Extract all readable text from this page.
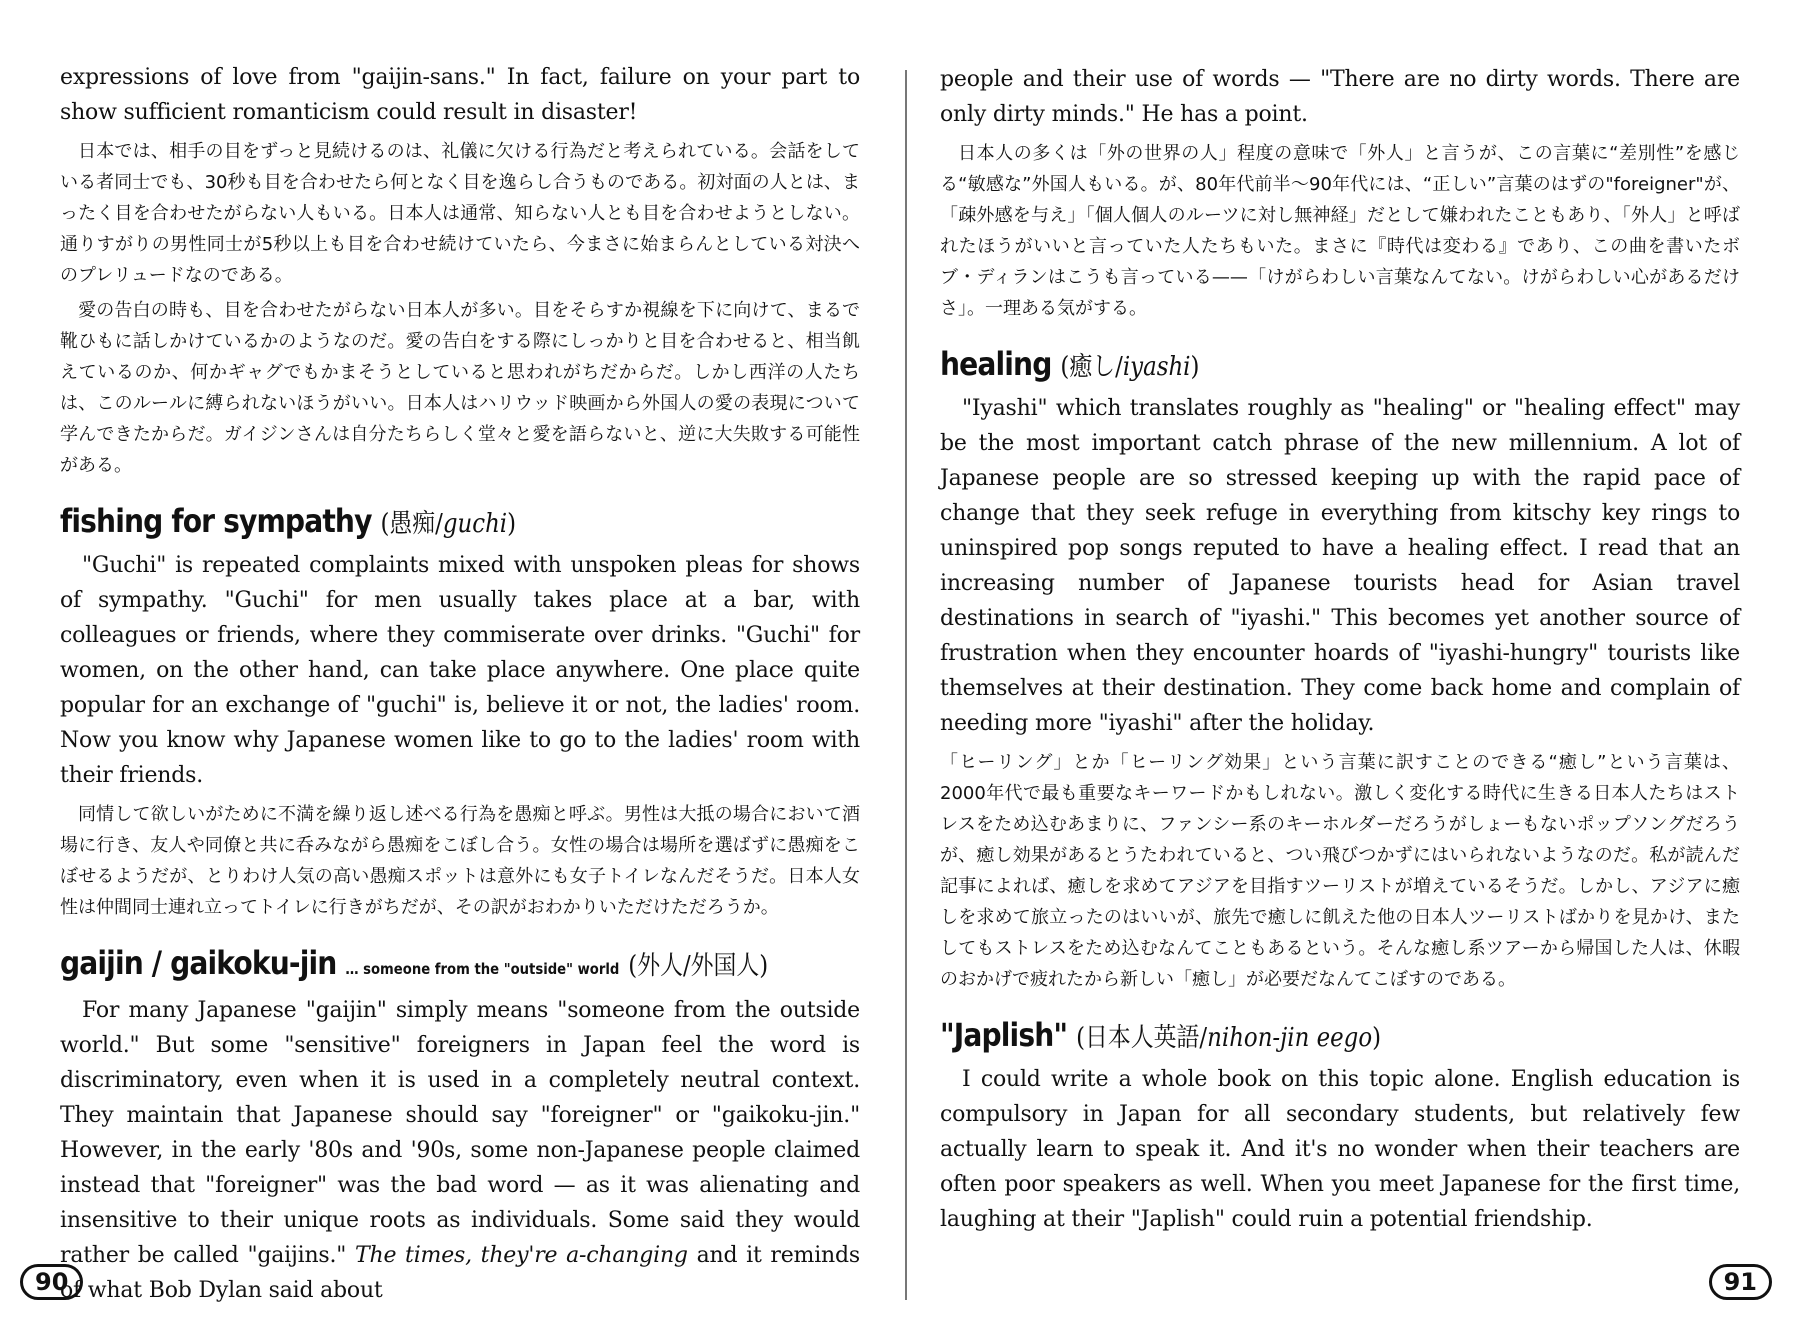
expressions of love from "gaijin-sans." In fact, failure on your part to show sufficient romanticism could result in disaster!

日本では、相手の目をずっと見続けるのは、礼儀に欠ける行為だと考えられている。会話をしている者同士でも、30秒も目を合わせたら何となく目を逸らし合うものである。初対面の人とは、まったく目を合わせたがらない人もいる。日本人は通常、知らない人とも目を合わせようとしない。通りすがりの男性同士が5秒以上も目を合わせ続けていたら、今まさに始まらんとしている対決へのプレリュードなのである。

愛の告白の時も、目を合わせたがらない日本人が多い。目をそらすか視線を下に向けて、まるで靴ひもに話しかけているかのようなのだ。愛の告白をする際にしっかりと目を合わせると、相当飢えているのか、何かギャグでもかまそうとしていると思われがちだからだ。しかし西洋の人たちは、このルールに縛られないほうがいい。日本人はハリウッド映画から外国人の愛の表現について学んできたからだ。ガイジンさんは自分たちらしく堂々と愛を語らないと、逆に大失敗する可能性がある。

fishing for sympathy (愚痴/guchi)

"Guchi" is repeated complaints mixed with unspoken pleas for shows of sympathy. "Guchi" for men usually takes place at a bar, with colleagues or friends, where they commiserate over drinks. "Guchi" for women, on the other hand, can take place anywhere. One place quite popular for an exchange of "guchi" is, believe it or not, the ladies' room. Now you know why Japanese women like to go to the ladies' room with their friends.

同情して欲しいがために不満を繰り返し述べる行為を愚痴と呼ぶ。男性は大抵の場合において酒場に行き、友人や同僚と共に呑みながら愚痴をこぼし合う。女性の場合は場所を選ばずに愚痴をこぼせるようだが、とりわけ人気の高い愚痴スポットは意外にも女子トイレなんだそうだ。日本人女性は仲間同士連れ立ってトイレに行きがちだが、その訳がおわかりいただけただろうか。

gaijin / gaikoku-jin … someone from the "outside" world (外人/外国人)

For many Japanese "gaijin" simply means "someone from the outside world." But some "sensitive" foreigners in Japan feel the word is discriminatory, even when it is used in a completely neutral context. They maintain that Japanese should say "foreigner" or "gaikoku-jin." However, in the early '80s and '90s, some non-Japanese people claimed instead that "foreigner" was the bad word — as it was alienating and insensitive to their unique roots as individuals. Some said they would rather be called "gaijins." The times, they're a-changing and it reminds of what Bob Dylan said about

90

people and their use of words — "There are no dirty words. There are only dirty minds." He has a point.

日本人の多くは「外の世界の人」程度の意味で「外人」と言うが、この言葉に“差別性”を感じる“敏感な”外国人もいる。が、80年代前半〜90年代には、“正しい”言葉のはずの"foreigner"が、「疎外感を与え」「個人個人のルーツに対し無神経」だとして嫌われたこともあり、「外人」と呼ばれたほうがいいと言っていた人たちもいた。まさに『時代は変わる』であり、この曲を書いたボブ・ディランはこうも言っている——「けがらわしい言葉なんてない。けがらわしい心があるだけさ」。一理ある気がする。

healing (癒し/iyashi)

"Iyashi" which translates roughly as "healing" or "healing effect" may be the most important catch phrase of the new millennium. A lot of Japanese people are so stressed keeping up with the rapid pace of change that they seek refuge in everything from kitschy key rings to uninspired pop songs reputed to have a healing effect. I read that an increasing number of Japanese tourists head for Asian travel destinations in search of "iyashi." This becomes yet another source of frustration when they encounter hoards of "iyashi-hungry" tourists like themselves at their destination. They come back home and complain of needing more "iyashi" after the holiday.

「ヒーリング」とか「ヒーリング効果」という言葉に訳すことのできる“癒し”という言葉は、2000年代で最も重要なキーワードかもしれない。激しく変化する時代に生きる日本人たちはストレスをため込むあまりに、ファンシー系のキーホルダーだろうがしょーもないポップソングだろうが、癒し効果があるとうたわれていると、つい飛びつかずにはいられないようなのだ。私が読んだ記事によれば、癒しを求めてアジアを目指すツーリストが増えているそうだ。しかし、アジアに癒しを求めて旅立ったのはいいが、旅先で癒しに飢えた他の日本人ツーリストばかりを見かけ、またしてもストレスをため込むなんてこともあるという。そんな癒し系ツアーから帰国した人は、休暇のおかげで疲れたから新しい「癒し」が必要だなんてこぼすのである。

"Japlish" (日本人英語/nihon-jin eego)

I could write a whole book on this topic alone. English education is compulsory in Japan for all secondary students, but relatively few actually learn to speak it. And it's no wonder when their teachers are often poor speakers as well. When you meet Japanese for the first time, laughing at their "Japlish" could ruin a potential friendship.

91
